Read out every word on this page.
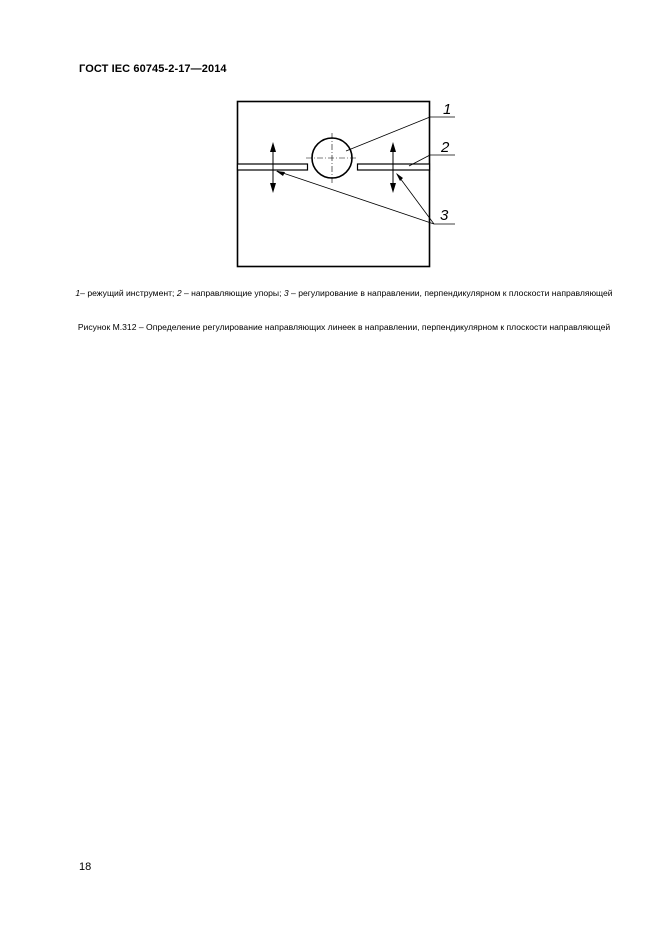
ГОСТ IEC 60745-2-17—2014
1
2
3
1– режущий инструмент; 2 – направляющие упоры; 3 – регулирование в направлении, перпендикулярном к плоскости направляющей
Рисунок М.312 – Определение регулирование направляющих линеек в направлении, перпендикулярном к плоскости направляющей
18
